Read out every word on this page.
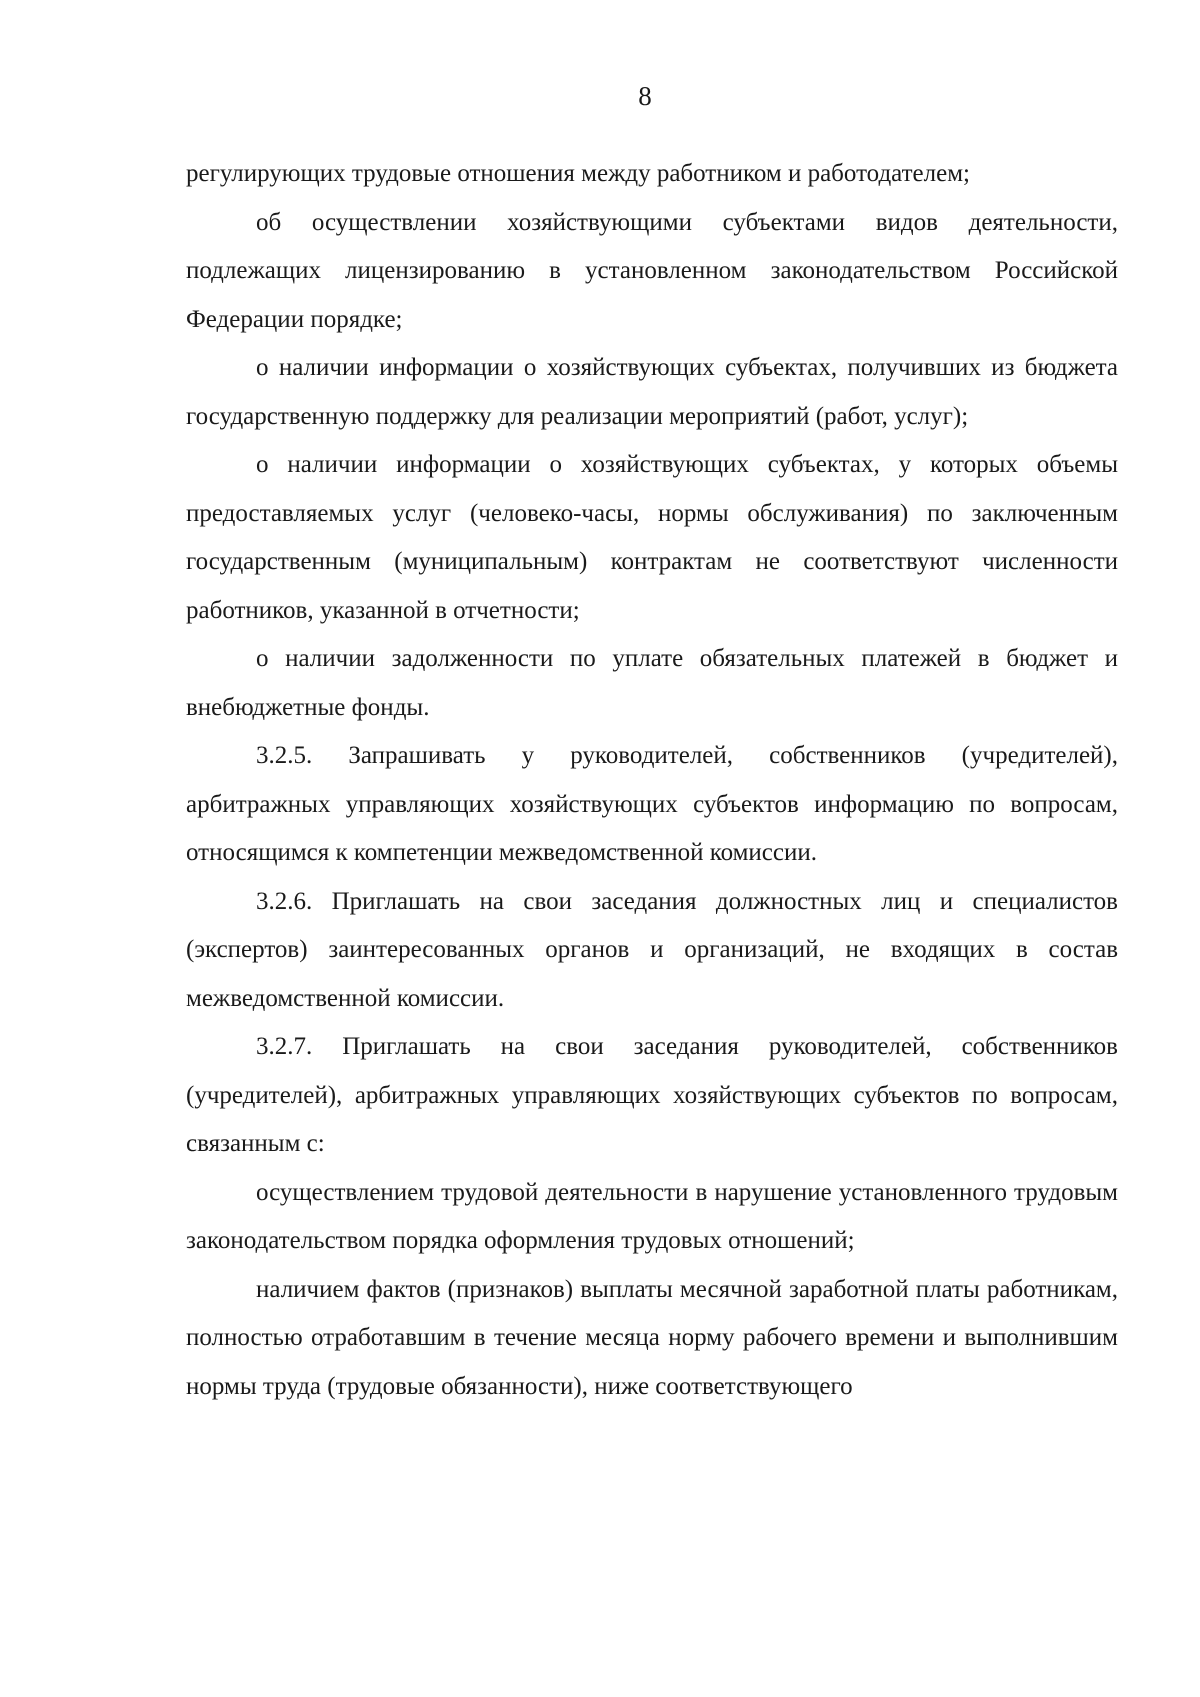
8

регулирующих трудовые отношения между работником и работодателем;

об осуществлении хозяйствующими субъектами видов деятельности, подлежащих лицензированию в установленном законодательством Российской Федерации порядке;

о наличии информации о хозяйствующих субъектах, получивших из бюджета государственную поддержку для реализации мероприятий (работ, услуг);

о наличии информации о хозяйствующих субъектах, у которых объемы предоставляемых услуг (человеко-часы, нормы обслуживания) по заключенным государственным (муниципальным) контрактам не соответствуют численности работников, указанной в отчетности;

о наличии задолженности по уплате обязательных платежей в бюджет и внебюджетные фонды.

3.2.5. Запрашивать у руководителей, собственников (учредителей), арбитражных управляющих хозяйствующих субъектов информацию по вопросам, относящимся к компетенции межведомственной комиссии.

3.2.6. Приглашать на свои заседания должностных лиц и специалистов (экспертов) заинтересованных органов и организаций, не входящих в состав межведомственной комиссии.

3.2.7. Приглашать на свои заседания руководителей, собственников (учредителей), арбитражных управляющих хозяйствующих субъектов по вопросам, связанным с:

осуществлением трудовой деятельности в нарушение установленного трудовым законодательством порядка оформления трудовых отношений;

наличием фактов (признаков) выплаты месячной заработной платы работникам, полностью отработавшим в течение месяца норму рабочего времени и выполнившим нормы труда (трудовые обязанности), ниже соответствующего
